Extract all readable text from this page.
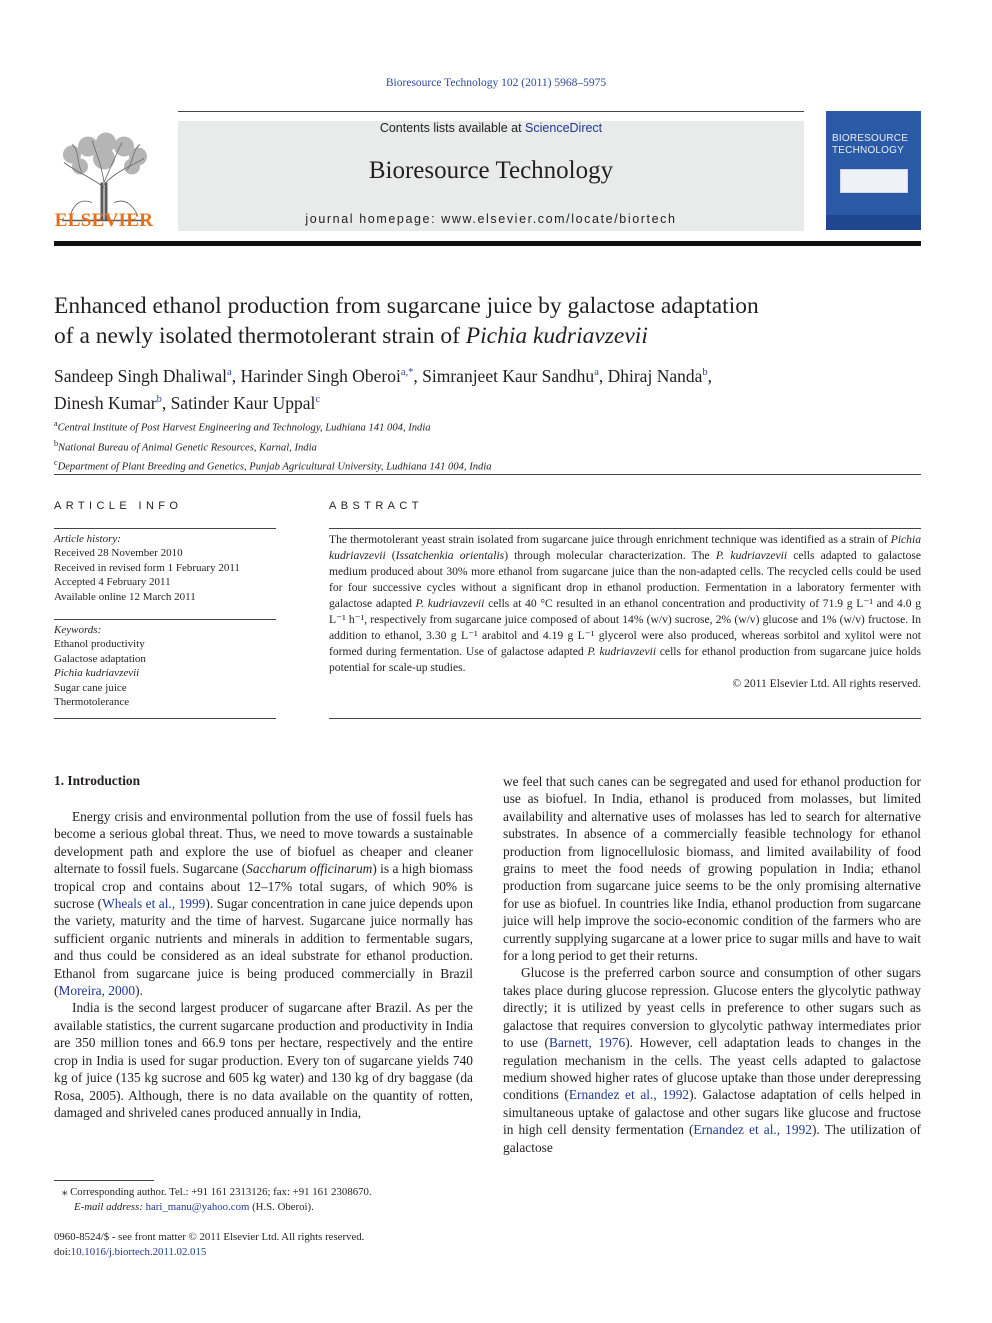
Bioresource Technology 102 (2011) 5968–5975
ELSEVIER
Contents lists available at ScienceDirect
Bioresource Technology
journal homepage: www.elsevier.com/locate/biortech
BIORESOURCE
TECHNOLOGY
Enhanced ethanol production from sugarcane juice by galactose adaptation
of a newly isolated thermotolerant strain of Pichia kudriavzevii
Sandeep Singh Dhaliwal$^a$, Harinder Singh Oberoi$^{a,*}$, Simranjeet Kaur Sandhu$^a$, Dhiraj Nanda$^b$,
Dinesh Kumar$^b$, Satinder Kaur Uppal$^c$
$^a$Central Institute of Post Harvest Engineering and Technology, Ludhiana 141 004, India
$^b$National Bureau of Animal Genetic Resources, Karnal, India
$^c$Department of Plant Breeding and Genetics, Punjab Agricultural University, Ludhiana 141 004, India
ARTICLE INFO
Article history:
Received 28 November 2010
Received in revised form 1 February 2011
Accepted 4 February 2011
Available online 12 March 2011
Keywords:
Ethanol productivity
Galactose adaptation
Pichia kudriavzevii
Sugar cane juice
Thermotolerance
ABSTRACT
The thermotolerant yeast strain isolated from sugarcane juice through enrichment technique was identified as a strain of Pichia kudriavzevii (Issatchenkia orientalis) through molecular characterization. The P. kudriavzevii cells adapted to galactose medium produced about 30% more ethanol from sugarcane juice than the non-adapted cells. The recycled cells could be used for four successive cycles without a significant drop in ethanol production. Fermentation in a laboratory fermenter with galactose adapted P. kudriavzevii cells at 40 °C resulted in an ethanol concentration and productivity of 71.9 g L⁻¹ and 4.0 g L⁻¹ h⁻¹, respectively from sugarcane juice composed of about 14% (w/v) sucrose, 2% (w/v) glucose and 1% (w/v) fructose. In addition to ethanol, 3.30 g L⁻¹ arabitol and 4.19 g L⁻¹ glycerol were also produced, whereas sorbitol and xylitol were not formed during fermentation. Use of galactose adapted P. kudriavzevii cells for ethanol production from sugarcane juice holds potential for scale-up studies.
© 2011 Elsevier Ltd. All rights reserved.
1. Introduction

Energy crisis and environmental pollution from the use of fossil fuels has become a serious global threat. Thus, we need to move towards a sustainable development path and explore the use of biofuel as cheaper and cleaner alternate to fossil fuels. Sugarcane (Saccharum officinarum) is a high biomass tropical crop and contains about 12–17% total sugars, of which 90% is sucrose (Wheals et al., 1999). Sugar concentration in cane juice depends upon the variety, maturity and the time of harvest. Sugarcane juice normally has sufficient organic nutrients and minerals in addition to fermentable sugars, and thus could be considered as an ideal substrate for ethanol production. Ethanol from sugarcane juice is being produced commercially in Brazil (Moreira, 2000).

India is the second largest producer of sugarcane after Brazil. As per the available statistics, the current sugarcane production and productivity in India are 350 million tones and 66.9 tons per hectare, respectively and the entire crop in India is used for sugar production. Every ton of sugarcane yields 740 kg of juice (135 kg sucrose and 605 kg water) and 130 kg of dry baggase (da Rosa, 2005). Although, there is no data available on the quantity of rotten, damaged and shriveled canes produced annually in India,

we feel that such canes can be segregated and used for ethanol production for use as biofuel. In India, ethanol is produced from molasses, but limited availability and alternative uses of molasses has led to search for alternative substrates. In absence of a commercially feasible technology for ethanol production from lignocellulosic biomass, and limited availability of food grains to meet the food needs of growing population in India; ethanol production from sugarcane juice seems to be the only promising alternative for use as biofuel. In countries like India, ethanol production from sugarcane juice will help improve the socio-economic condition of the farmers who are currently supplying sugarcane at a lower price to sugar mills and have to wait for a long period to get their returns.

Glucose is the preferred carbon source and consumption of other sugars takes place during glucose repression. Glucose enters the glycolytic pathway directly; it is utilized by yeast cells in preference to other sugars such as galactose that requires conversion to glycolytic pathway intermediates prior to use (Barnett, 1976). However, cell adaptation leads to changes in the regulation mechanism in the cells. The yeast cells adapted to galactose medium showed higher rates of glucose uptake than those under derepressing conditions (Ernandez et al., 1992). Galactose adaptation of cells helped in simultaneous uptake of galactose and other sugars like glucose and fructose in high cell density fermentation (Ernandez et al., 1992). The utilization of galactose

⁎ Corresponding author. Tel.: +91 161 2313126; fax: +91 161 2308670.
E-mail address: hari_manu@yahoo.com (H.S. Oberoi).
0960-8524/$ - see front matter © 2011 Elsevier Ltd. All rights reserved.
doi:10.1016/j.biortech.2011.02.015
